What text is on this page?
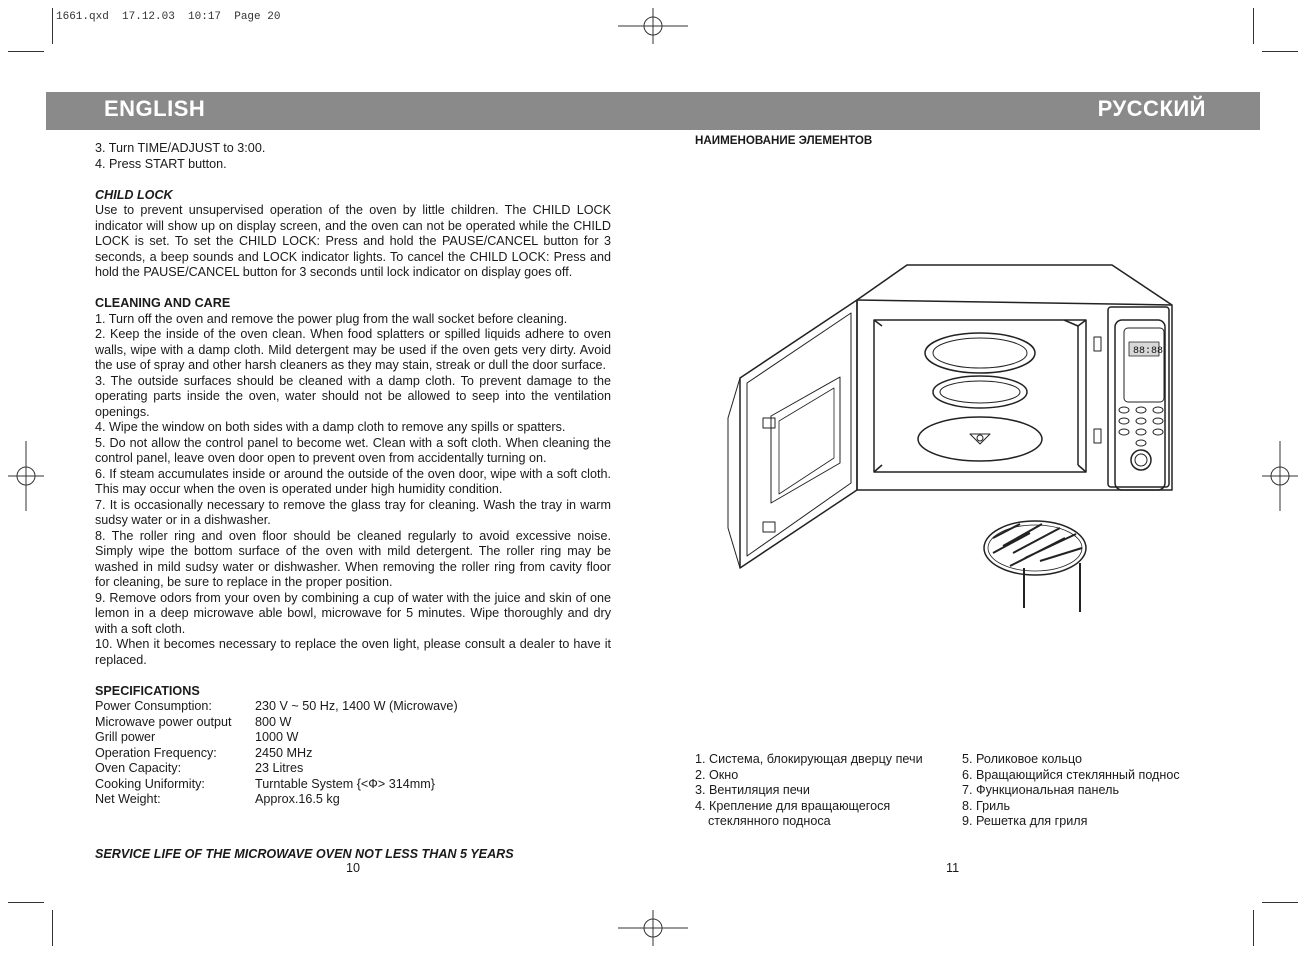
1661.qxd  17.12.03  10:17  Page 20
ENGLISH	РУССКИЙ

3. Turn TIME/ADJUST to 3:00.

4. Press START button.

CHILD LOCK

Use to prevent unsupervised operation of the oven by little children. The CHILD LOCK indicator will show up on display screen, and the oven can not be operated while the CHILD LOCK is set. To set the CHILD LOCK: Press and hold the PAUSE/CANCEL button for 3 seconds, a beep sounds and LOCK indicator lights. To cancel the CHILD LOCK: Press and hold the PAUSE/CANCEL button for 3 seconds until lock indicator on display goes off.

CLEANING AND CARE

1. Turn off the oven and remove the power plug from the wall socket before cleaning.

2. Keep the inside of the oven clean. When food splatters or spilled liquids adhere to oven walls, wipe with a damp cloth. Mild detergent may be used if the oven gets very dirty. Avoid the use of spray and other harsh cleaners as they may stain, streak or dull the door surface.

3. The outside surfaces should be cleaned with a damp cloth. To prevent damage to the operating parts inside the oven, water should not be allowed to seep into the ventilation openings.

4. Wipe the window on both sides with a damp cloth to remove any spills or spatters.

5. Do not allow the control panel to become wet. Clean with a soft cloth. When cleaning the control panel, leave oven door open to prevent oven from accidentally turning on.

6. If steam accumulates inside or around the outside of the oven door, wipe with a soft cloth. This may occur when the oven is operated under high humidity condition.

7. It is occasionally necessary to remove the glass tray for cleaning. Wash the tray in warm sudsy water or in a dishwasher.

8. The roller ring and oven floor should be cleaned regularly to avoid excessive noise. Simply wipe the bottom surface of the oven with mild detergent. The roller ring may be washed in mild sudsy water or dishwasher. When removing the roller ring from cavity floor for cleaning, be sure to replace in the proper position.

9. Remove odors from your oven by combining a cup of water with the juice and skin of one lemon in a deep microwave able bowl, microwave for 5 minutes. Wipe thoroughly and dry with a soft cloth.

10. When it becomes necessary to replace the oven light, please consult a dealer to have it replaced.

SPECIFICATIONS

Power Consumption:	230 V ~ 50 Hz, 1400 W (Microwave)
Microwave power output	800 W
Grill power	1000 W
Operation Frequency:	2450 MHz
Oven Capacity:	23 Litres
Cooking Uniformity:	Turntable System {<Ф> 314mm}
Net Weight:	Approx.16.5 kg
SERVICE LIFE OF THE MICROWAVE OVEN NOT LESS THAN 5 YEARS
10
НАИМЕНОВАНИЕ ЭЛЕМЕНТОВ
88:88
1. Система, блокирующая дверцу печи
2. Окно
3. Вентиляция печи
4. Крепление для вращающегося
стеклянного подноса
5. Роликовое кольцо
6. Вращающийся стеклянный поднос
7. Функциональная панель
8. Гриль
9. Решетка для гриля
11
